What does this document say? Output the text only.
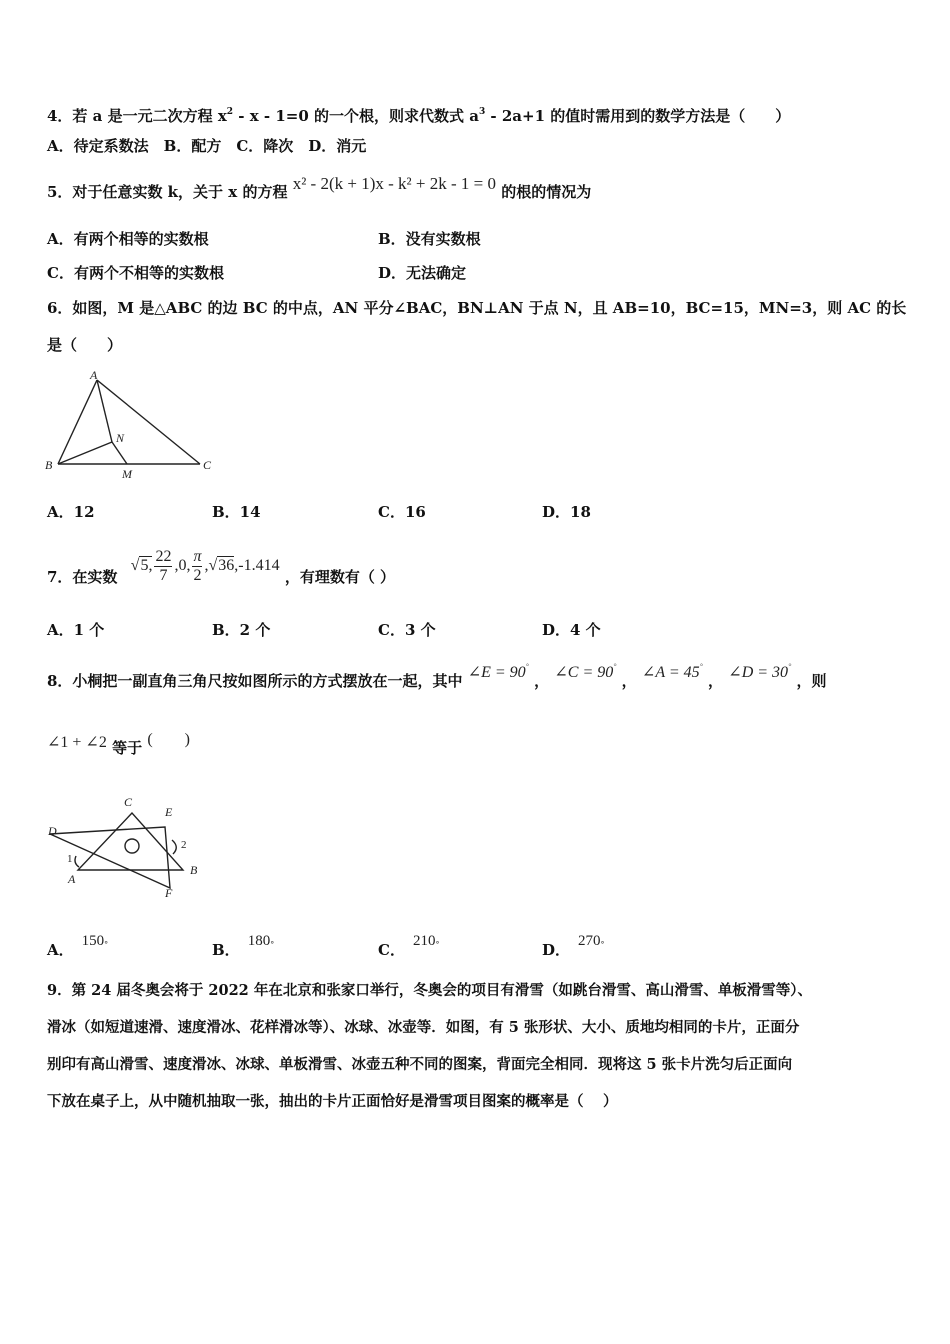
4．若 a 是一元二次方程 $x^2 - x - 1=0$ 的一个根，则求代数式 $a^3 - 2a+1$ 的值时需用到的数学方法是（　　）
A．待定系数法　B．配方　C．降次　D．消元
5．对于任意实数 k，关于 x 的方程 x² - 2(k + 1)x - k² + 2k - 1 = 0 的根的情况为
A．有两个相等的实数根	B．没有实数根
C．有两个不相等的实数根	D．无法确定
6．如图，M 是△ABC 的边 BC 的中点，AN 平分∠BAC，BN⊥AN 于点 N，且 AB=10，BC=15，MN=3，则 AC 的长
是（　　）
A
B	C
N
M
A．12	B．14	C．16	D．18
7．在实数 √5, $\frac{22}{7} ,0$, $\frac{\pi}{2} ,√36,-1.414$ ，有理数有（ ）
A．1 个	B．2 个	C．3 个	D．4 个
8．小桐把一副直角三角尺按如图所示的方式摆放在一起，其中 ∠E = 90° ， ∠C = 90° ， ∠A = 45° ， ∠D = 30° ，则
∠1 + ∠2 等于 (　　)
C
E
D
1
2
A
B
F
A． 150°	B． 180°	C． 210°	D． 270°
9．第 24 届冬奥会将于 2022 年在北京和张家口举行，冬奥会的项目有滑雪（如跳台滑雪、高山滑雪、单板滑雪等）、
滑冰（如短道速滑、速度滑冰、花样滑冰等）、冰球、冰壶等．如图，有 5 张形状、大小、质地均相同的卡片，正面分
别印有高山滑雪、速度滑冰、冰球、单板滑雪、冰壶五种不同的图案，背面完全相同．现将这 5 张卡片洗匀后正面向
下放在桌子上，从中随机抽取一张，抽出的卡片正面恰好是滑雪项目图案的概率是（　 ）
